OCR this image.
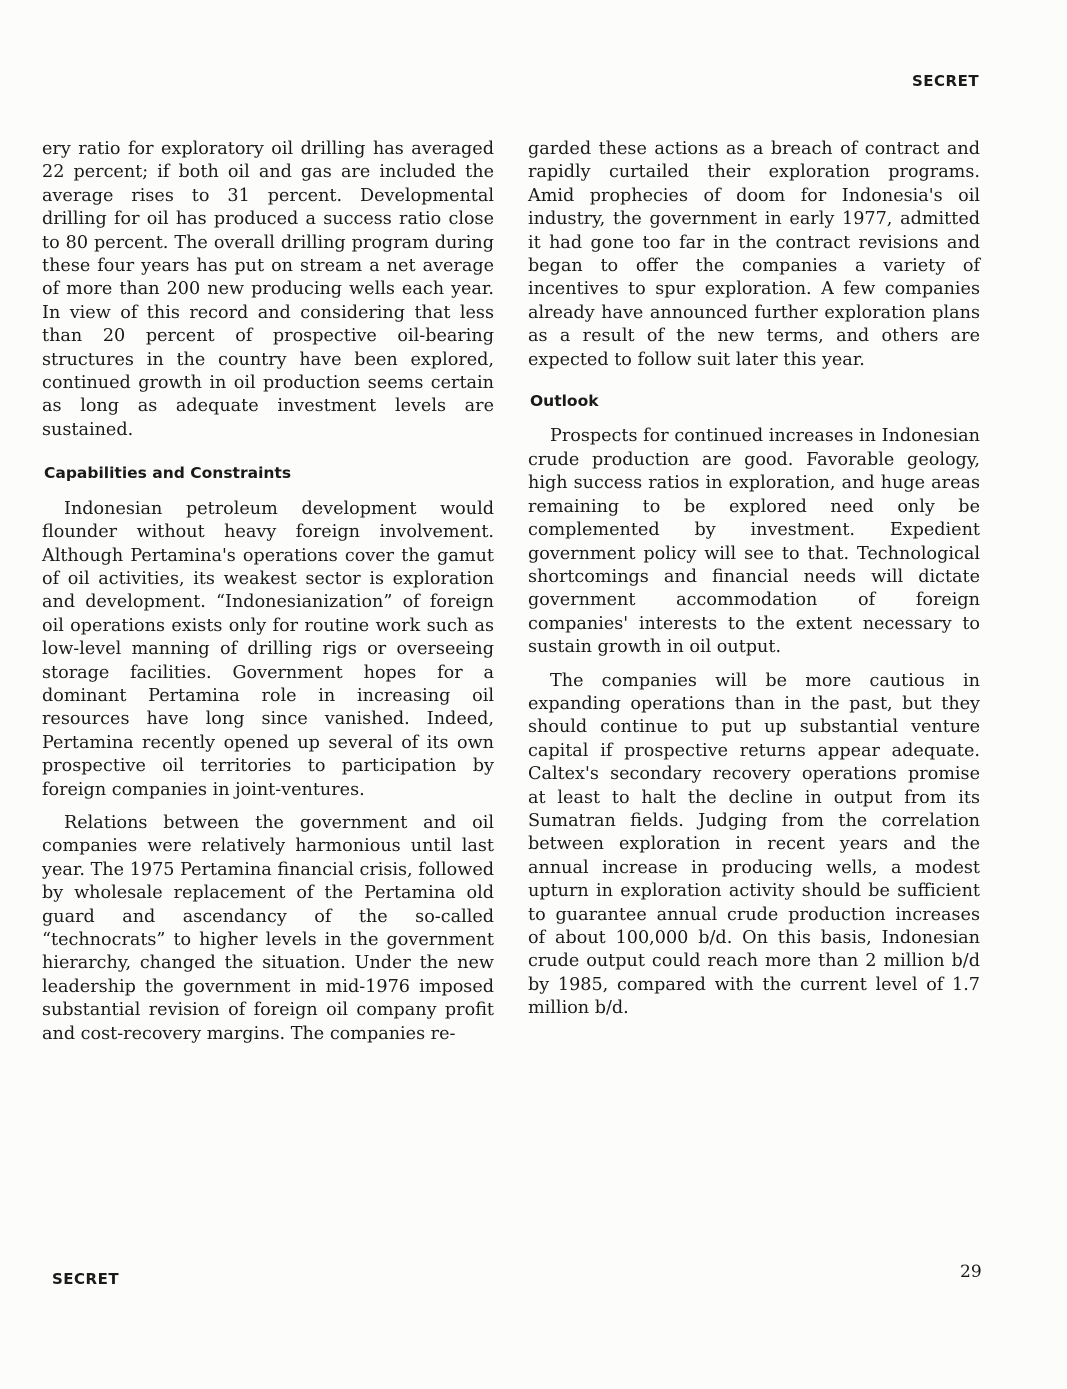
SECRET

ery ratio for exploratory oil drilling has averaged 22 percent; if both oil and gas are included the average rises to 31 percent. Developmental drilling for oil has produced a success ratio close to 80 percent. The overall drilling program during these four years has put on stream a net average of more than 200 new producing wells each year. In view of this record and considering that less than 20 percent of prospective oil-bearing structures in the country have been explored, continued growth in oil production seems certain as long as adequate investment levels are sustained.

Capabilities and Constraints

Indonesian petroleum development would flounder without heavy foreign involvement. Although Pertamina's operations cover the gamut of oil activities, its weakest sector is exploration and development. “Indonesianization” of foreign oil operations exists only for routine work such as low-level manning of drilling rigs or overseeing storage facilities. Government hopes for a dominant Pertamina role in increasing oil resources have long since vanished. Indeed, Pertamina recently opened up several of its own prospective oil territories to participation by foreign companies in joint-ventures.

Relations between the government and oil companies were relatively harmonious until last year. The 1975 Pertamina financial crisis, followed by wholesale replacement of the Pertamina old guard and ascendancy of the so-called “technocrats” to higher levels in the government hierarchy, changed the situation. Under the new leadership the government in mid-1976 imposed substantial revision of foreign oil company profit and cost-recovery margins. The companies re-

garded these actions as a breach of contract and rapidly curtailed their exploration programs. Amid prophecies of doom for Indonesia's oil industry, the government in early 1977, admitted it had gone too far in the contract revisions and began to offer the companies a variety of incentives to spur exploration. A few companies already have announced further exploration plans as a result of the new terms, and others are expected to follow suit later this year.

Outlook

Prospects for continued increases in Indonesian crude production are good. Favorable geology, high success ratios in exploration, and huge areas remaining to be explored need only be complemented by investment. Expedient government policy will see to that. Technological shortcomings and financial needs will dictate government accommodation of foreign companies' interests to the extent necessary to sustain growth in oil output.

The companies will be more cautious in expanding operations than in the past, but they should continue to put up substantial venture capital if prospective returns appear adequate. Caltex's secondary recovery operations promise at least to halt the decline in output from its Sumatran fields. Judging from the correlation between exploration in recent years and the annual increase in producing wells, a modest upturn in exploration activity should be sufficient to guarantee annual crude production increases of about 100,000 b/d. On this basis, Indonesian crude output could reach more than 2 million b/d by 1985, compared with the current level of 1.7 million b/d.

SECRET	29
